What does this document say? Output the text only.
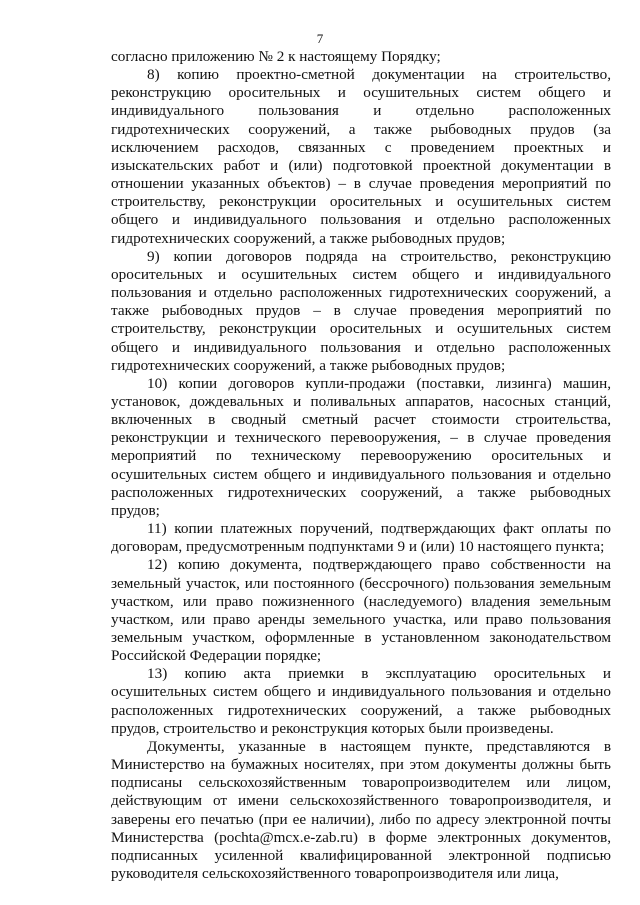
7

согласно приложению № 2 к настоящему Порядку;

8) копию проектно-сметной документации на строительство, реконструкцию оросительных и осушительных систем общего и индивидуального пользования и отдельно расположенных гидротехнических сооружений, а также рыбоводных прудов (за исключением расходов, связанных с проведением проектных и изыскательских работ и (или) подготовкой проектной документации в отношении указанных объектов) – в случае проведения мероприятий по строительству, реконструкции оросительных и осушительных систем общего и индивидуального пользования и отдельно расположенных гидротехнических сооружений, а также рыбоводных прудов;

9) копии договоров подряда на строительство, реконструкцию оросительных и осушительных систем общего и индивидуального пользования и отдельно расположенных гидротехнических сооружений, а также рыбоводных прудов – в случае проведения мероприятий по строительству, реконструкции оросительных и осушительных систем общего и индивидуального пользования и отдельно расположенных гидротехнических сооружений, а также рыбоводных прудов;

10) копии договоров купли-продажи (поставки, лизинга) машин, установок, дождевальных и поливальных аппаратов, насосных станций, включенных в сводный сметный расчет стоимости строительства, реконструкции и технического перевооружения, – в случае проведения мероприятий по техническому перевооружению оросительных и осушительных систем общего и индивидуального пользования и отдельно расположенных гидротехнических сооружений, а также рыбоводных прудов;

11) копии платежных поручений, подтверждающих факт оплаты по договорам, предусмотренным подпунктами 9 и (или) 10 настоящего пункта;

12) копию документа, подтверждающего право собственности на земельный участок, или постоянного (бессрочного) пользования земельным участком, или право пожизненного (наследуемого) владения земельным участком, или право аренды земельного участка, или право пользования земельным участком, оформленные в установленном законодательством Российской Федерации порядке;

13) копию акта приемки в эксплуатацию оросительных и осушительных систем общего и индивидуального пользования и отдельно расположенных гидротехнических сооружений, а также рыбоводных прудов, строительство и реконструкция которых были произведены.

Документы, указанные в настоящем пункте, представляются в Министерство на бумажных носителях, при этом документы должны быть подписаны сельскохозяйственным товаропроизводителем или лицом, действующим от имени сельскохозяйственного товаропроизводителя, и заверены его печатью (при ее наличии), либо по адресу электронной почты Министерства (pochta@mcx.e-zab.ru) в форме электронных документов, подписанных усиленной квалифицированной электронной подписью руководителя сельскохозяйственного товаропроизводителя или лица,
